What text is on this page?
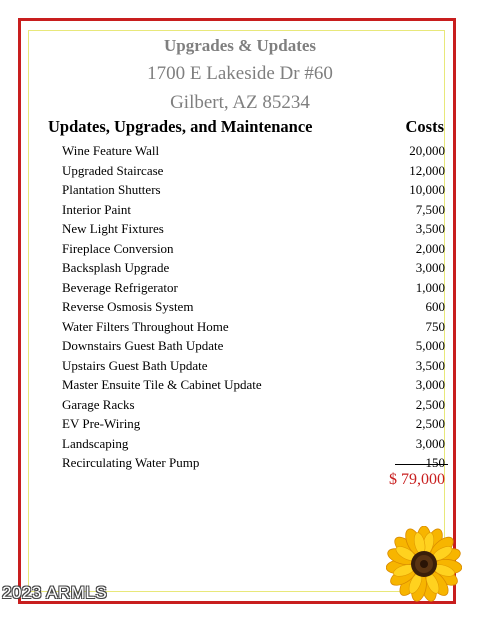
Upgrades & Updates
1700 E Lakeside Dr #60
Gilbert, AZ 85234
Updates, Upgrades, and Maintenance	Costs
Wine Feature Wall	20,000
Upgraded Staircase	12,000
Plantation Shutters	10,000
Interior Paint	7,500
New Light Fixtures	3,500
Fireplace Conversion	2,000
Backsplash Upgrade	3,000
Beverage Refrigerator	1,000
Reverse Osmosis System	600
Water Filters Throughout Home	750
Downstairs Guest Bath Update	5,000
Upstairs Guest Bath Update	3,500
Master Ensuite Tile & Cabinet Update	3,000
Garage Racks	2,500
EV Pre-Wiring	2,500
Landscaping	3,000
Recirculating Water Pump	150
$ 79,000
2023 ARMLS
